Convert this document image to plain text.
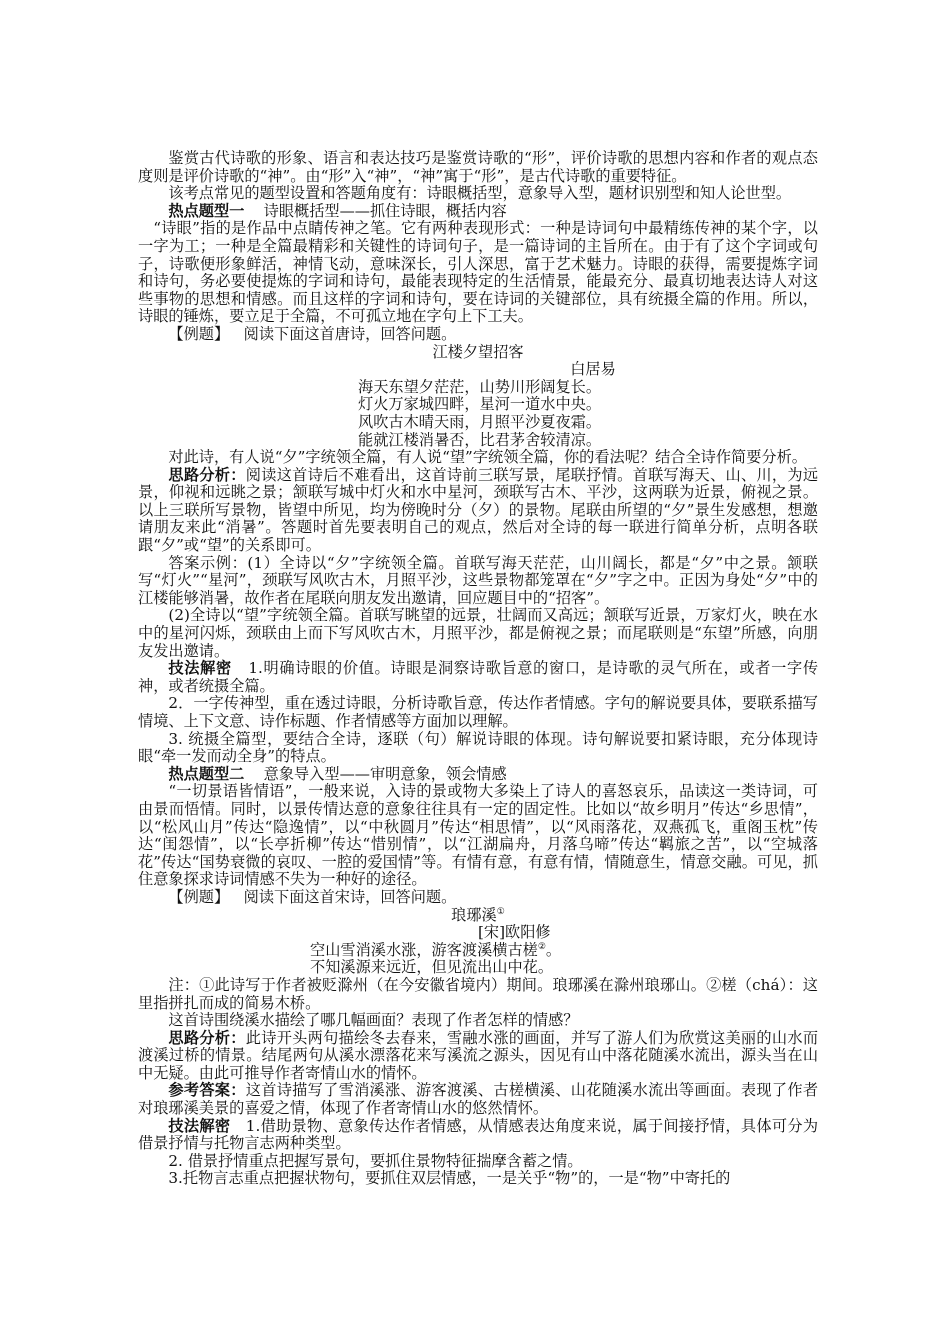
鉴赏古代诗歌的形象、语言和表达技巧是鉴赏诗歌的“形”，评价诗歌的思想内容和作者的观点态度则是评价诗歌的“神”。由“形”入“神”，“神”寓于“形”，是古代诗歌的重要特征。

该考点常见的题型设置和答题角度有：诗眼概括型，意象导入型，题材识别型和知人论世型。

热点题型一 诗眼概括型——抓住诗眼，概括内容

“诗眼”指的是作品中点睛传神之笔。它有两种表现形式：一种是诗词句中最精练传神的某个字，以一字为工；一种是全篇最精彩和关键性的诗词句子，是一篇诗词的主旨所在。由于有了这个字词或句子，诗歌便形象鲜活，神情飞动，意味深长，引人深思，富于艺术魅力。诗眼的获得，需要提炼字词和诗句，务必要使提炼的字词和诗句，最能表现特定的生活情景，能最充分、最真切地表达诗人对这些事物的思想和情感。而且这样的字词和诗句，要在诗词的关键部位，具有统摄全篇的作用。所以，诗眼的锤炼，要立足于全篇，不可孤立地在字句上下工夫。

【例题】 阅读下面这首唐诗，回答问题。

江楼夕望招客

白居易

海天东望夕茫茫，山势川形阔复长。

灯火万家城四畔，星河一道水中央。

风吹古木晴天雨，月照平沙夏夜霜。

能就江楼消暑否，比君茅舍较清凉。

对此诗，有人说“夕”字统领全篇，有人说“望”字统领全篇，你的看法呢？结合全诗作简要分析。

思路分析：阅读这首诗后不难看出，这首诗前三联写景，尾联抒情。首联写海天、山、川，为远景，仰视和远眺之景；颔联写城中灯火和水中星河，颈联写古木、平沙，这两联为近景，俯视之景。以上三联所写景物，皆望中所见，均为傍晚时分（夕）的景物。尾联由所望的“夕”景生发感想，想邀请朋友来此“消暑”。答题时首先要表明自己的观点，然后对全诗的每一联进行简单分析，点明各联跟“夕”或“望”的关系即可。

答案示例：(1）全诗以“夕”字统领全篇。首联写海天茫茫，山川阔长，都是“夕”中之景。颔联写“灯火”“星河”，颈联写风吹古木，月照平沙，这些景物都笼罩在“夕”字之中。正因为身处“夕”中的江楼能够消暑，故作者在尾联向朋友发出邀请，回应题目中的“招客”。

(2)全诗以“望”字统领全篇。首联写眺望的远景，壮阔而又高远；颔联写近景，万家灯火，映在水中的星河闪烁，颈联由上而下写风吹古木，月照平沙，都是俯视之景；而尾联则是“东望”所感，向朋友发出邀请。

技法解密 1.明确诗眼的价值。诗眼是洞察诗歌旨意的窗口，是诗歌的灵气所在，或者一字传神，或者统摄全篇。

2．一字传神型，重在透过诗眼，分析诗歌旨意，传达作者情感。字句的解说要具体，要联系描写情境、上下文意、诗作标题、作者情感等方面加以理解。

3. 统摄全篇型，要结合全诗，逐联（句）解说诗眼的体现。诗句解说要扣紧诗眼，充分体现诗眼“牵一发而动全身”的特点。

热点题型二 意象导入型——审明意象，领会情感

“一切景语皆情语”，一般来说，入诗的景或物大多染上了诗人的喜怒哀乐，品读这一类诗词，可由景而悟情。同时，以景传情达意的意象往往具有一定的固定性。比如以“故乡明月”传达“乡思情”，以“松风山月”传达“隐逸情”，以“中秋圆月”传达“相思情”，以“风雨落花，双燕孤飞，重阁玉枕”传达“闺怨情”，以“长亭折柳”传达“惜别情”，以“江湖扁舟，月落乌啼”传达“羁旅之苦”，以“空城落花”传达“国势衰微的哀叹、一腔的爱国情”等。有情有意，有意有情，情随意生，情意交融。可见，抓住意象探求诗词情感不失为一种好的途径。

【例题】 阅读下面这首宋诗，回答问题。

琅琊溪①

[宋]欧阳修

空山雪消溪水涨，游客渡溪横古槎②。

不知溪源来远近，但见流出山中花。

注：①此诗写于作者被贬滁州（在今安徽省境内）期间。琅琊溪在滁州琅琊山。②槎（chá）：这里指拼扎而成的简易木桥。

这首诗围绕溪水描绘了哪几幅画面？表现了作者怎样的情感？

思路分析：此诗开头两句描绘冬去春来，雪融水涨的画面，并写了游人们为欣赏这美丽的山水而渡溪过桥的情景。结尾两句从溪水漂落花来写溪流之源头，因见有山中落花随溪水流出，源头当在山中无疑。由此可推导作者寄情山水的情怀。

参考答案：这首诗描写了雪消溪涨、游客渡溪、古槎横溪、山花随溪水流出等画面。表现了作者对琅琊溪美景的喜爱之情，体现了作者寄情山水的悠然情怀。

技法解密 1.借助景物、意象传达作者情感，从情感表达角度来说，属于间接抒情，具体可分为借景抒情与托物言志两种类型。

2. 借景抒情重点把握写景句，要抓住景物特征揣摩含蓄之情。

3.托物言志重点把握状物句，要抓住双层情感，一是关乎“物”的，一是“物”中寄托的
